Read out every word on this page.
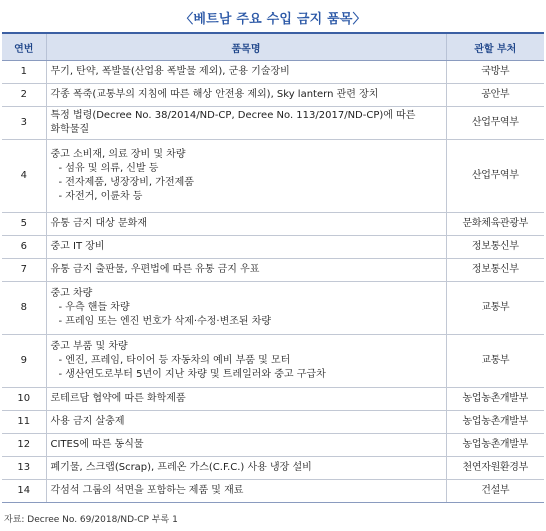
〈베트남 주요 수입 금지 품목〉
연번	품목명	관할 부처
1	무기, 탄약, 폭발물(산업용 폭발물 제외), 군용 기술장비	국방부
2	각종 폭죽(교통부의 지침에 따른 해상 안전용 제외), Sky lantern 관련 장치	공안부
3	특정 법령(Decree No. 38/2014/ND-CP, Decree No. 113/2017/ND-CP)에 따른
화학물질	산업무역부
4	중고 소비재, 의료 장비 및 차량
- 섬유 및 의류, 신발 등
- 전자제품, 냉장장비, 가전제품
- 자전거, 이륜차 등	산업무역부
5	유통 금지 대상 문화재	문화체육관광부
6	중고 IT 장비	정보통신부
7	유통 금지 출판물, 우편법에 따른 유통 금지 우표	정보통신부
8	중고 차량
- 우측 핸들 차량
- 프레임 또는 엔진 번호가 삭제·수정·변조된 차량	교통부
9	중고 부품 및 차량
- 엔진, 프레임, 타이어 등 자동차의 예비 부품 및 모터
- 생산연도로부터 5년이 지난 차량 및 트레일러와 중고 구급차	교통부
10	로테르담 협약에 따른 화학제품	농업농촌개발부
11	사용 금지 살충제	농업농촌개발부
12	CITES에 따른 동식물	농업농촌개발부
13	폐기물, 스크랩(Scrap), 프레온 가스(C.F.C.) 사용 냉장 설비	천연자원환경부
14	각섬석 그룹의 석면을 포함하는 제품 및 재료	건설부
자료: Decree No. 69/2018/ND-CP 부록 1
